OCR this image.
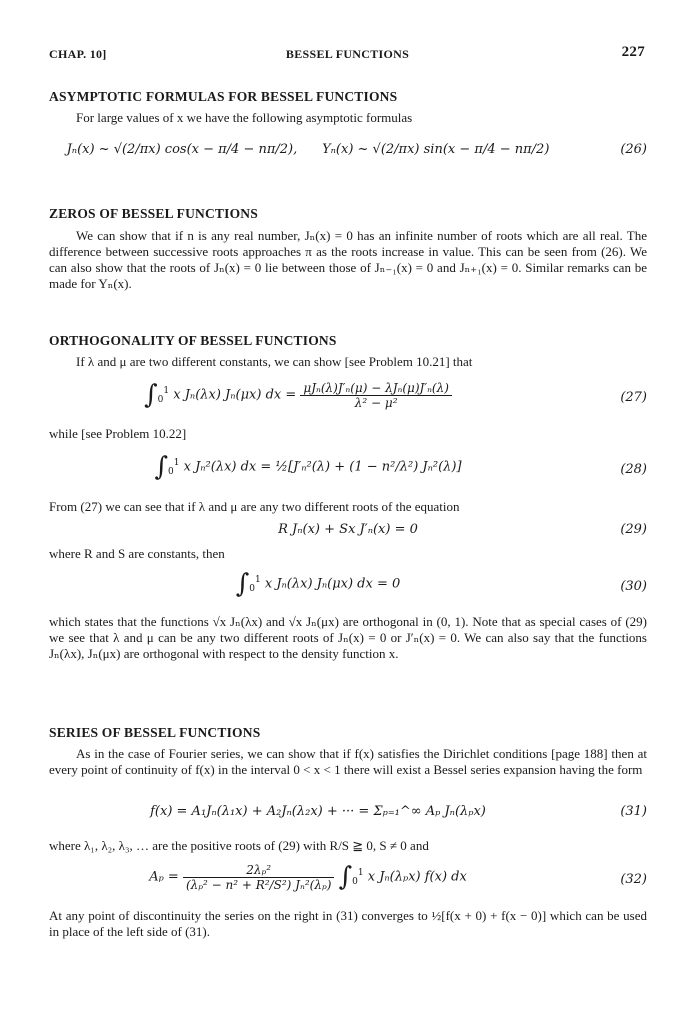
CHAP. 10]	BESSEL FUNCTIONS	227
ASYMPTOTIC FORMULAS FOR BESSEL FUNCTIONS
For large values of x we have the following asymptotic formulas
Jₙ(x) ~ √(2/πx) cos(x − π/4 − nπ/2), Yₙ(x) ~ √(2/πx) sin(x − π/4 − nπ/2)	(26)
ZEROS OF BESSEL FUNCTIONS
We can show that if n is any real number, Jₙ(x) = 0 has an infinite number of roots which are all real. The difference between successive roots approaches π as the roots increase in value. This can be seen from (26). We can also show that the roots of Jₙ(x) = 0 lie between those of Jₙ₋₁(x) = 0 and Jₙ₊₁(x) = 0. Similar remarks can be made for Yₙ(x).
ORTHOGONALITY OF BESSEL FUNCTIONS
If λ and μ are two different constants, we can show [see Problem 10.21] that
$\int_0^1$ x Jₙ(λx) Jₙ(μx) dx = $\frac{\text{μJₙ(λ)J′ₙ(μ) − λJₙ(μ)J′ₙ(λ)}}{\text{λ² − μ²}}$	(27)
while [see Problem 10.22]
$\int_0^1$ x Jₙ²(λx) dx = ½[J′ₙ²(λ) + (1 − n²/λ²) Jₙ²(λ)]	(28)
From (27) we can see that if λ and μ are any two different roots of the equation
R Jₙ(x) + Sx J′ₙ(x) = 0	(29)
where R and S are constants, then
$\int_0^1$ x Jₙ(λx) Jₙ(μx) dx = 0	(30)
which states that the functions √x Jₙ(λx) and √x Jₙ(μx) are orthogonal in (0, 1). Note that as special cases of (29) we see that λ and μ can be any two different roots of Jₙ(x) = 0 or J′ₙ(x) = 0. We can also say that the functions Jₙ(λx), Jₙ(μx) are orthogonal with respect to the density function x.
SERIES OF BESSEL FUNCTIONS
As in the case of Fourier series, we can show that if f(x) satisfies the Dirichlet conditions [page 188] then at every point of continuity of f(x) in the interval 0 < x < 1 there will exist a Bessel series expansion having the form
f(x) = A₁Jₙ(λ₁x) + A₂Jₙ(λ₂x) + ··· = Σₚ₌₁^∞ Aₚ Jₙ(λₚx)	(31)
where λ₁, λ₂, λ₃, … are the positive roots of (29) with R/S ≧ 0, S ≠ 0 and
$A_p = \frac{\text{2λₚ²}}{\text{(λₚ² − n² + R²/S²) Jₙ²(λₚ)}} \int_0^1$ x Jₙ(λₚx) f(x) dx	(32)
At any point of discontinuity the series on the right in (31) converges to ½[f(x + 0) + f(x − 0)] which can be used in place of the left side of (31).
